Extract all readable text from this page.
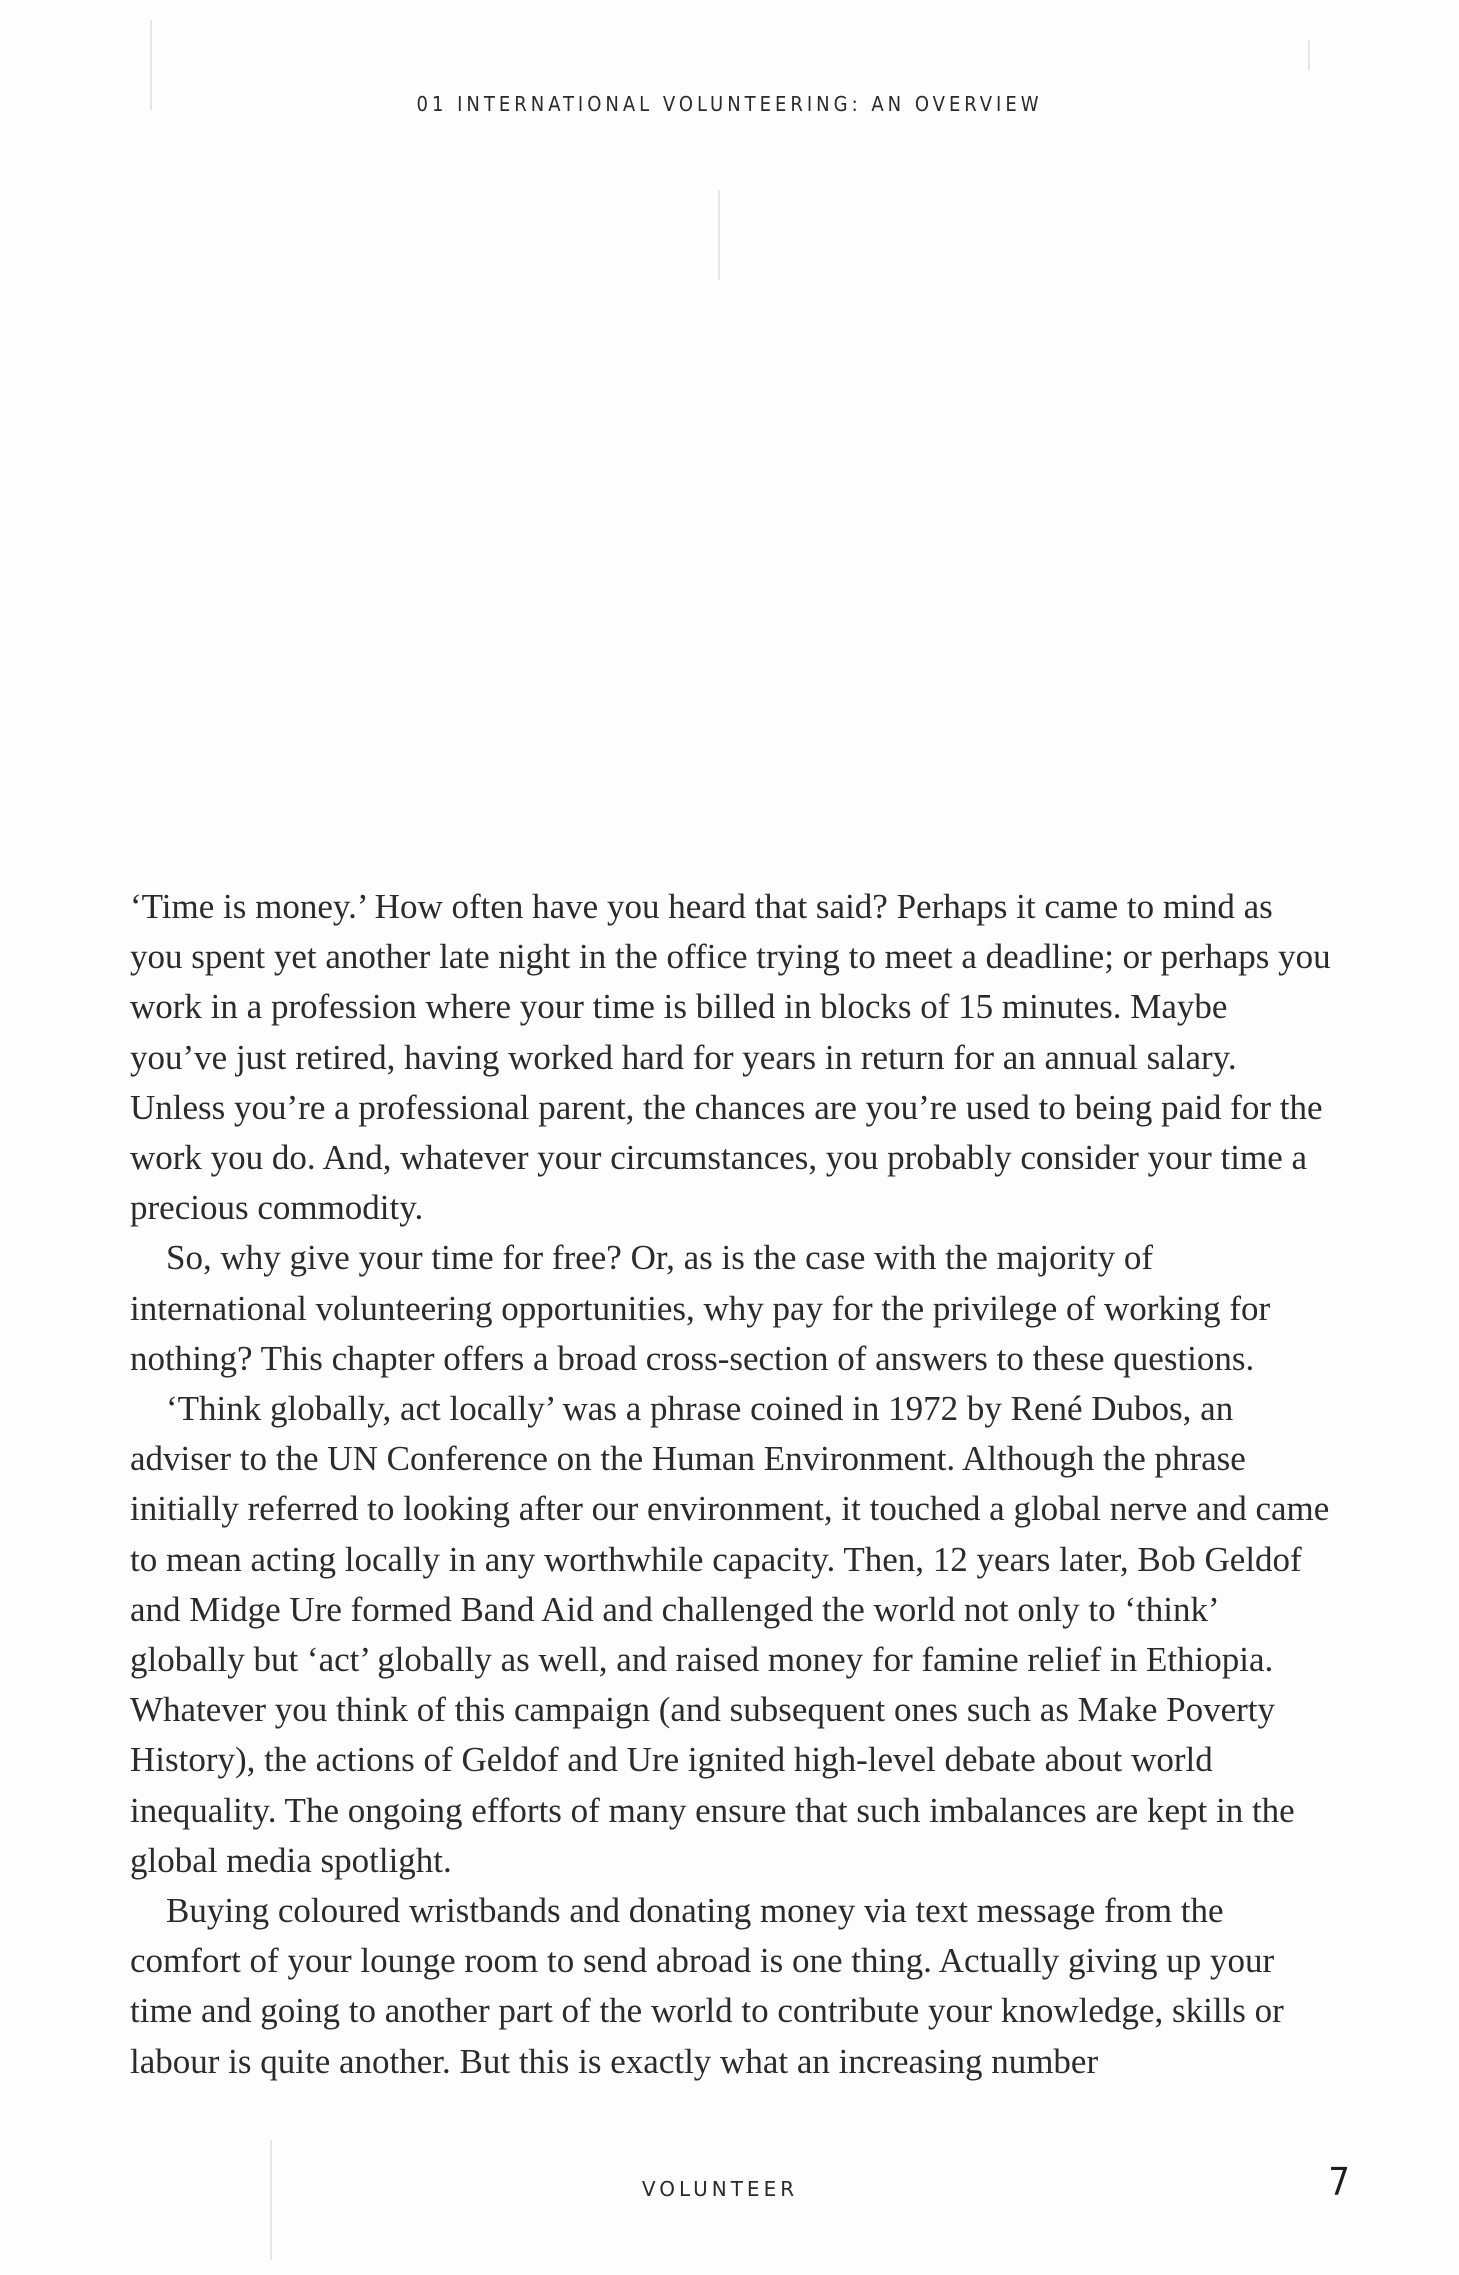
01 INTERNATIONAL VOLUNTEERING: AN OVERVIEW

‘Time is money.’ How often have you heard that said? Perhaps it came to mind as you spent yet another late night in the office trying to meet a deadline; or perhaps you work in a profession where your time is billed in blocks of 15 minutes. Maybe you’ve just retired, having worked hard for years in return for an annual salary. Unless you’re a professional parent, the chances are you’re used to being paid for the work you do. And, whatever your circumstances, you probably consider your time a precious commodity.

So, why give your time for free? Or, as is the case with the majority of international volunteering opportunities, why pay for the privilege of working for nothing? This chapter offers a broad cross-section of answers to these questions.

‘Think globally, act locally’ was a phrase coined in 1972 by René Dubos, an adviser to the UN Conference on the Human Environment. Although the phrase initially referred to looking after our environment, it touched a global nerve and came to mean acting locally in any worthwhile capacity. Then, 12 years later, Bob Geldof and Midge Ure formed Band Aid and challenged the world not only to ‘think’ globally but ‘act’ globally as well, and raised money for famine relief in Ethiopia. Whatever you think of this campaign (and subsequent ones such as Make Poverty History), the actions of Geldof and Ure ignited high-level debate about world inequality. The ongoing efforts of many ensure that such imbalances are kept in the global media spotlight.

Buying coloured wristbands and donating money via text message from the comfort of your lounge room to send abroad is one thing. Actually giving up your time and going to another part of the world to contribute your knowledge, skills or labour is quite another. But this is exactly what an increasing number

VOLUNTEER	7
